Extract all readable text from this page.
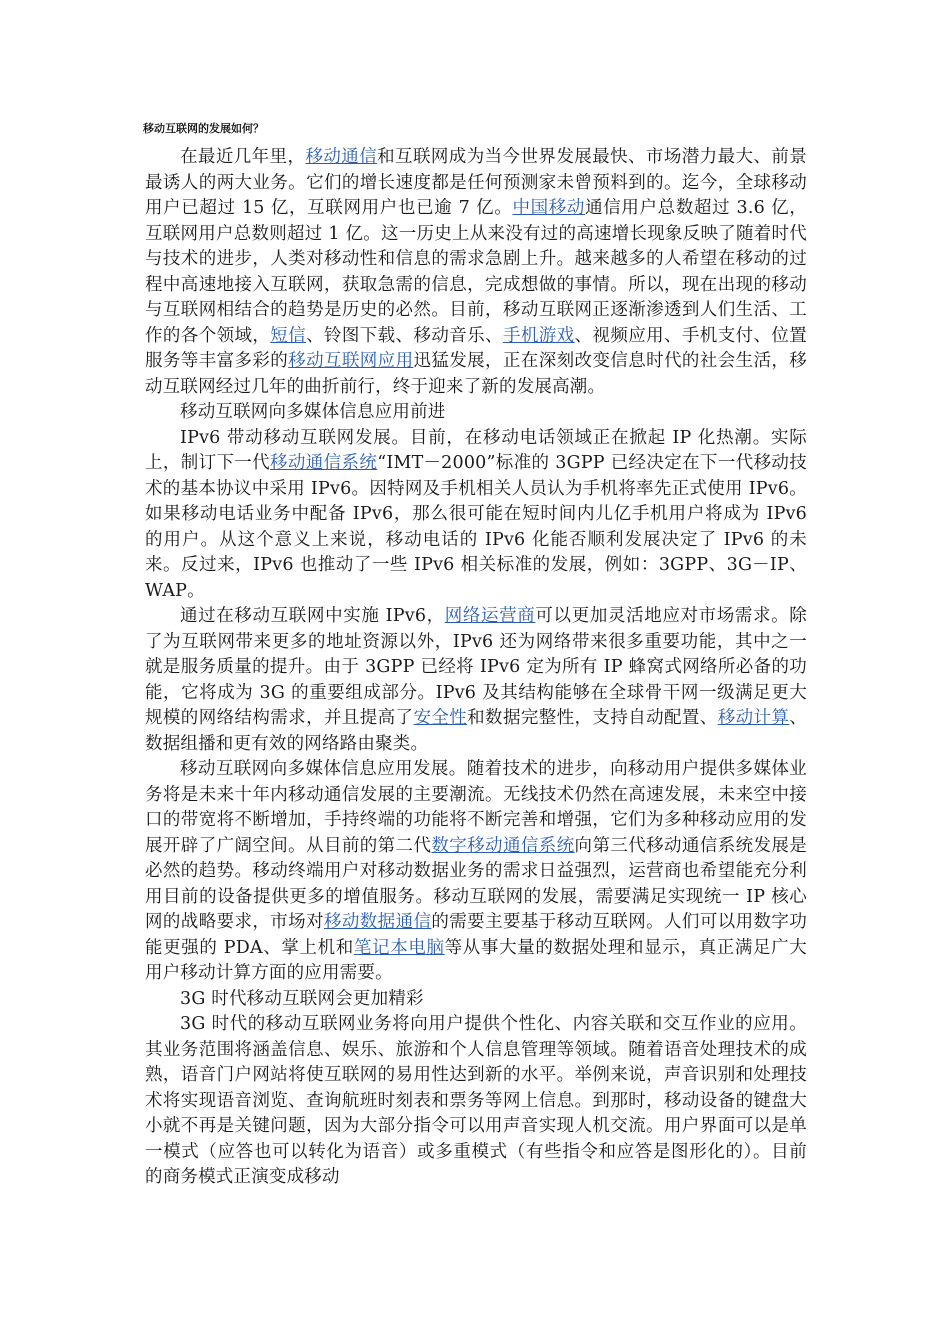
移动互联网的发展如何？

在最近几年里，移动通信和互联网成为当今世界发展最快、市场潜力最大、前景最诱人的两大业务。它们的增长速度都是任何预测家未曾预料到的。迄今，全球移动用户已超过 15 亿，互联网用户也已逾 7 亿。中国移动通信用户总数超过 3.6 亿，互联网用户总数则超过 1 亿。这一历史上从来没有过的高速增长现象反映了随着时代与技术的进步，人类对移动性和信息的需求急剧上升。越来越多的人希望在移动的过程中高速地接入互联网，获取急需的信息，完成想做的事情。所以，现在出现的移动与互联网相结合的趋势是历史的必然。目前，移动互联网正逐渐渗透到人们生活、工作的各个领域，短信、铃图下载、移动音乐、手机游戏、视频应用、手机支付、位置服务等丰富多彩的移动互联网应用迅猛发展，正在深刻改变信息时代的社会生活，移动互联网经过几年的曲折前行，终于迎来了新的发展高潮。

移动互联网向多媒体信息应用前进

IPv6 带动移动互联网发展。目前，在移动电话领域正在掀起 IP 化热潮。实际上，制订下一代移动通信系统“IMT－2000”标准的 3GPP 已经决定在下一代移动技术的基本协议中采用 IPv6。因特网及手机相关人员认为手机将率先正式使用 IPv6。如果移动电话业务中配备 IPv6，那么很可能在短时间内儿亿手机用户将成为 IPv6 的用户。从这个意义上来说，移动电话的 IPv6 化能否顺利发展决定了 IPv6 的未来。反过来，IPv6 也推动了一些 IPv6 相关标准的发展，例如：3GPP、3G－IP、WAP。

通过在移动互联网中实施 IPv6，网络运营商可以更加灵活地应对市场需求。除了为互联网带来更多的地址资源以外，IPv6 还为网络带来很多重要功能，其中之一就是服务质量的提升。由于 3GPP 已经将 IPv6 定为所有 IP 蜂窝式网络所必备的功能，它将成为 3G 的重要组成部分。IPv6 及其结构能够在全球骨干网一级满足更大规模的网络结构需求，并且提高了安全性和数据完整性，支持自动配置、移动计算、数据组播和更有效的网络路由聚类。

移动互联网向多媒体信息应用发展。随着技术的进步，向移动用户提供多媒体业务将是未来十年内移动通信发展的主要潮流。无线技术仍然在高速发展，未来空中接口的带宽将不断增加，手持终端的功能将不断完善和增强，它们为多种移动应用的发展开辟了广阔空间。从目前的第二代数字移动通信系统向第三代移动通信系统发展是必然的趋势。移动终端用户对移动数据业务的需求日益强烈，运营商也希望能充分利用目前的设备提供更多的增值服务。移动互联网的发展，需要满足实现统一 IP 核心网的战略要求，市场对移动数据通信的需要主要基于移动互联网。人们可以用数字功能更强的 PDA、掌上机和笔记本电脑等从事大量的数据处理和显示，真正满足广大用户移动计算方面的应用需要。

3G 时代移动互联网会更加精彩

3G 时代的移动互联网业务将向用户提供个性化、内容关联和交互作业的应用。其业务范围将涵盖信息、娱乐、旅游和个人信息管理等领域。随着语音处理技术的成熟，语音门户网站将使互联网的易用性达到新的水平。举例来说，声音识别和处理技术将实现语音浏览、查询航班时刻表和票务等网上信息。到那时，移动设备的键盘大小就不再是关键问题，因为大部分指令可以用声音实现人机交流。用户界面可以是单一模式（应答也可以转化为语音）或多重模式（有些指令和应答是图形化的）。目前的商务模式正演变成移动
